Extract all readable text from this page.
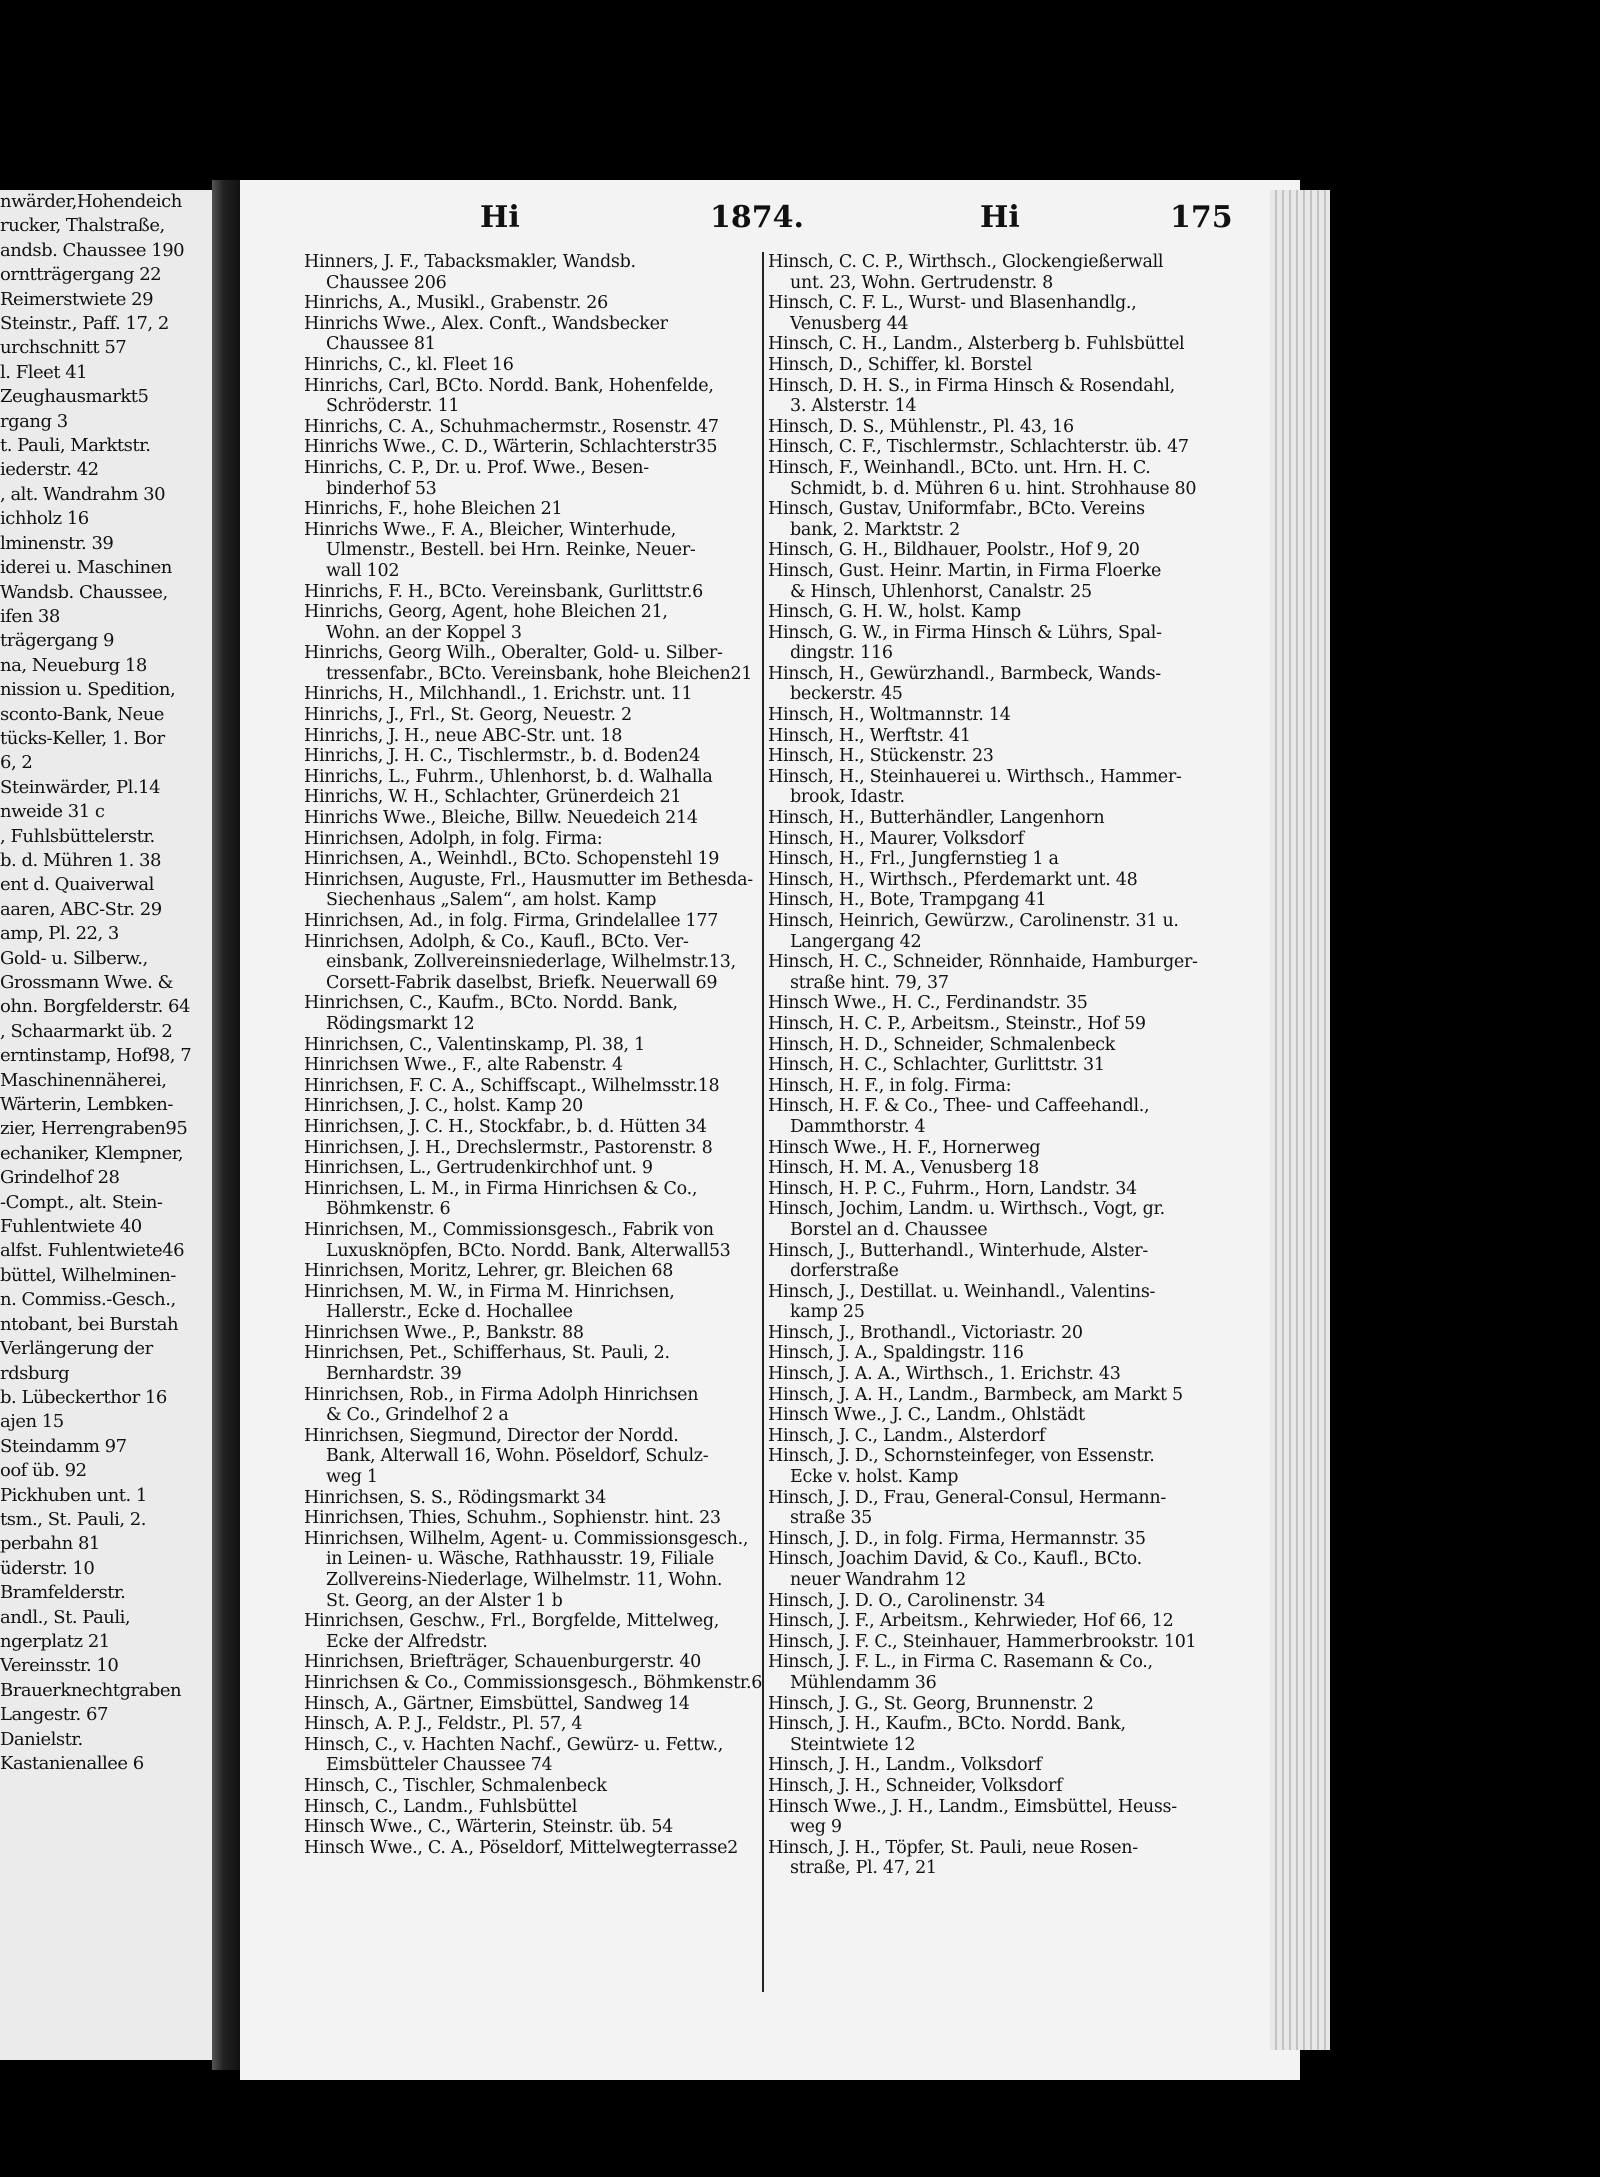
nwärder,Hohendeich
rucker, Thalstraße,
andsb. Chaussee 190
orntträgergang 22
Reimerstwiete 29
Steinstr., Paff. 17, 2
urchschnitt 57
l. Fleet 41
Zeughausmarkt5
rgang 3
t. Pauli, Marktstr.
iederstr. 42
, alt. Wandrahm 30
ichholz 16
lminenstr. 39
iderei u. Maschinen
Wandsb. Chaussee,
ifen 38
trägergang 9
na, Neueburg 18
nission u. Spedition,
sconto-Bank, Neue
tücks-Keller, 1. Bor
6, 2
Steinwärder, Pl.14
nweide 31 c
, Fuhlsbüttelerstr.
b. d. Mühren 1. 38
ent d. Quaiverwal
aaren, ABC-Str. 29
amp, Pl. 22, 3
Gold- u. Silberw.,
Grossmann Wwe. &
ohn. Borgfelderstr. 64
, Schaarmarkt üb. 2
erntinstamp, Hof98, 7
Maschinennäherei,
Wärterin, Lembken-
zier, Herrengraben95
echaniker, Klempner,
Grindelhof 28
-Compt., alt. Stein-
Fuhlentwiete 40
alfst. Fuhlentwiete46
büttel, Wilhelminen-
n. Commiss.-Gesch.,
ntobant, bei Burstah
Verlängerung der
rdsburg
b. Lübeckerthor 16
ajen 15
Steindamm 97
oof üb. 92
Pickhuben unt. 1
tsm., St. Pauli, 2.
perbahn 81
üderstr. 10
Bramfelderstr.
andl., St. Pauli,
ngerplatz 21
Vereinsstr. 10
Brauerknechtgraben
Langestr. 67
Danielstr.
Kastanienallee 6
Hi	1874.	Hi	175
Hinners, J. F., Tabacksmakler, Wandsb.
Chaussee 206
Hinrichs, A., Musikl., Grabenstr. 26
Hinrichs Wwe., Alex. Conft., Wandsbecker
Chaussee 81
Hinrichs, C., kl. Fleet 16
Hinrichs, Carl, BCto. Nordd. Bank, Hohenfelde,
Schröderstr. 11
Hinrichs, C. A., Schuhmachermstr., Rosenstr. 47
Hinrichs Wwe., C. D., Wärterin, Schlachterstr35
Hinrichs, C. P., Dr. u. Prof. Wwe., Besen-
binderhof 53
Hinrichs, F., hohe Bleichen 21
Hinrichs Wwe., F. A., Bleicher, Winterhude,
Ulmenstr., Bestell. bei Hrn. Reinke, Neuer-
wall 102
Hinrichs, F. H., BCto. Vereinsbank, Gurlittstr.6
Hinrichs, Georg, Agent, hohe Bleichen 21,
Wohn. an der Koppel 3
Hinrichs, Georg Wilh., Oberalter, Gold- u. Silber-
tressenfabr., BCto. Vereinsbank, hohe Bleichen21
Hinrichs, H., Milchhandl., 1. Erichstr. unt. 11
Hinrichs, J., Frl., St. Georg, Neuestr. 2
Hinrichs, J. H., neue ABC-Str. unt. 18
Hinrichs, J. H. C., Tischlermstr., b. d. Boden24
Hinrichs, L., Fuhrm., Uhlenhorst, b. d. Walhalla
Hinrichs, W. H., Schlachter, Grünerdeich 21
Hinrichs Wwe., Bleiche, Billw. Neuedeich 214
Hinrichsen, Adolph, in folg. Firma:
Hinrichsen, A., Weinhdl., BCto. Schopenstehl 19
Hinrichsen, Auguste, Frl., Hausmutter im Bethesda-
Siechenhaus „Salem“, am holst. Kamp
Hinrichsen, Ad., in folg. Firma, Grindelallee 177
Hinrichsen, Adolph, & Co., Kaufl., BCto. Ver-
einsbank, Zollvereinsniederlage, Wilhelmstr.13,
Corsett-Fabrik daselbst, Briefk. Neuerwall 69
Hinrichsen, C., Kaufm., BCto. Nordd. Bank,
Rödingsmarkt 12
Hinrichsen, C., Valentinskamp, Pl. 38, 1
Hinrichsen Wwe., F., alte Rabenstr. 4
Hinrichsen, F. C. A., Schiffscapt., Wilhelmsstr.18
Hinrichsen, J. C., holst. Kamp 20
Hinrichsen, J. C. H., Stockfabr., b. d. Hütten 34
Hinrichsen, J. H., Drechslermstr., Pastorenstr. 8
Hinrichsen, L., Gertrudenkirchhof unt. 9
Hinrichsen, L. M., in Firma Hinrichsen & Co.,
Böhmkenstr. 6
Hinrichsen, M., Commissionsgesch., Fabrik von
Luxusknöpfen, BCto. Nordd. Bank, Alterwall53
Hinrichsen, Moritz, Lehrer, gr. Bleichen 68
Hinrichsen, M. W., in Firma M. Hinrichsen,
Hallerstr., Ecke d. Hochallee
Hinrichsen Wwe., P., Bankstr. 88
Hinrichsen, Pet., Schifferhaus, St. Pauli, 2.
Bernhardstr. 39
Hinrichsen, Rob., in Firma Adolph Hinrichsen
& Co., Grindelhof 2 a
Hinrichsen, Siegmund, Director der Nordd.
Bank, Alterwall 16, Wohn. Pöseldorf, Schulz-
weg 1
Hinrichsen, S. S., Rödingsmarkt 34
Hinrichsen, Thies, Schuhm., Sophienstr. hint. 23
Hinrichsen, Wilhelm, Agent- u. Commissionsgesch.,
in Leinen- u. Wäsche, Rathhausstr. 19, Filiale
Zollvereins-Niederlage, Wilhelmstr. 11, Wohn.
St. Georg, an der Alster 1 b
Hinrichsen, Geschw., Frl., Borgfelde, Mittelweg,
Ecke der Alfredstr.
Hinrichsen, Briefträger, Schauenburgerstr. 40
Hinrichsen & Co., Commissionsgesch., Böhmkenstr.6
Hinsch, A., Gärtner, Eimsbüttel, Sandweg 14
Hinsch, A. P. J., Feldstr., Pl. 57, 4
Hinsch, C., v. Hachten Nachf., Gewürz- u. Fettw.,
Eimsbütteler Chaussee 74
Hinsch, C., Tischler, Schmalenbeck
Hinsch, C., Landm., Fuhlsbüttel
Hinsch Wwe., C., Wärterin, Steinstr. üb. 54
Hinsch Wwe., C. A., Pöseldorf, Mittelwegterrasse2
Hinsch, C. C. P., Wirthsch., Glockengießerwall
unt. 23, Wohn. Gertrudenstr. 8
Hinsch, C. F. L., Wurst- und Blasenhandlg.,
Venusberg 44
Hinsch, C. H., Landm., Alsterberg b. Fuhlsbüttel
Hinsch, D., Schiffer, kl. Borstel
Hinsch, D. H. S., in Firma Hinsch & Rosendahl,
3. Alsterstr. 14
Hinsch, D. S., Mühlenstr., Pl. 43, 16
Hinsch, C. F., Tischlermstr., Schlachterstr. üb. 47
Hinsch, F., Weinhandl., BCto. unt. Hrn. H. C.
Schmidt, b. d. Mühren 6 u. hint. Strohhause 80
Hinsch, Gustav, Uniformfabr., BCto. Vereins
bank, 2. Marktstr. 2
Hinsch, G. H., Bildhauer, Poolstr., Hof 9, 20
Hinsch, Gust. Heinr. Martin, in Firma Floerke
& Hinsch, Uhlenhorst, Canalstr. 25
Hinsch, G. H. W., holst. Kamp
Hinsch, G. W., in Firma Hinsch & Lührs, Spal-
dingstr. 116
Hinsch, H., Gewürzhandl., Barmbeck, Wands-
beckerstr. 45
Hinsch, H., Woltmannstr. 14
Hinsch, H., Werftstr. 41
Hinsch, H., Stückenstr. 23
Hinsch, H., Steinhauerei u. Wirthsch., Hammer-
brook, Idastr.
Hinsch, H., Butterhändler, Langenhorn
Hinsch, H., Maurer, Volksdorf
Hinsch, H., Frl., Jungfernstieg 1 a
Hinsch, H., Wirthsch., Pferdemarkt unt. 48
Hinsch, H., Bote, Trampgang 41
Hinsch, Heinrich, Gewürzw., Carolinenstr. 31 u.
Langergang 42
Hinsch, H. C., Schneider, Rönnhaide, Hamburger-
straße hint. 79, 37
Hinsch Wwe., H. C., Ferdinandstr. 35
Hinsch, H. C. P., Arbeitsm., Steinstr., Hof 59
Hinsch, H. D., Schneider, Schmalenbeck
Hinsch, H. C., Schlachter, Gurlittstr. 31
Hinsch, H. F., in folg. Firma:
Hinsch, H. F. & Co., Thee- und Caffeehandl.,
Dammthorstr. 4
Hinsch Wwe., H. F., Hornerweg
Hinsch, H. M. A., Venusberg 18
Hinsch, H. P. C., Fuhrm., Horn, Landstr. 34
Hinsch, Jochim, Landm. u. Wirthsch., Vogt, gr.
Borstel an d. Chaussee
Hinsch, J., Butterhandl., Winterhude, Alster-
dorferstraße
Hinsch, J., Destillat. u. Weinhandl., Valentins-
kamp 25
Hinsch, J., Brothandl., Victoriastr. 20
Hinsch, J. A., Spaldingstr. 116
Hinsch, J. A. A., Wirthsch., 1. Erichstr. 43
Hinsch, J. A. H., Landm., Barmbeck, am Markt 5
Hinsch Wwe., J. C., Landm., Ohlstädt
Hinsch, J. C., Landm., Alsterdorf
Hinsch, J. D., Schornsteinfeger, von Essenstr.
Ecke v. holst. Kamp
Hinsch, J. D., Frau, General-Consul, Hermann-
straße 35
Hinsch, J. D., in folg. Firma, Hermannstr. 35
Hinsch, Joachim David, & Co., Kaufl., BCto.
neuer Wandrahm 12
Hinsch, J. D. O., Carolinenstr. 34
Hinsch, J. F., Arbeitsm., Kehrwieder, Hof 66, 12
Hinsch, J. F. C., Steinhauer, Hammerbrookstr. 101
Hinsch, J. F. L., in Firma C. Rasemann & Co.,
Mühlendamm 36
Hinsch, J. G., St. Georg, Brunnenstr. 2
Hinsch, J. H., Kaufm., BCto. Nordd. Bank,
Steintwiete 12
Hinsch, J. H., Landm., Volksdorf
Hinsch, J. H., Schneider, Volksdorf
Hinsch Wwe., J. H., Landm., Eimsbüttel, Heuss-
weg 9
Hinsch, J. H., Töpfer, St. Pauli, neue Rosen-
straße, Pl. 47, 21
